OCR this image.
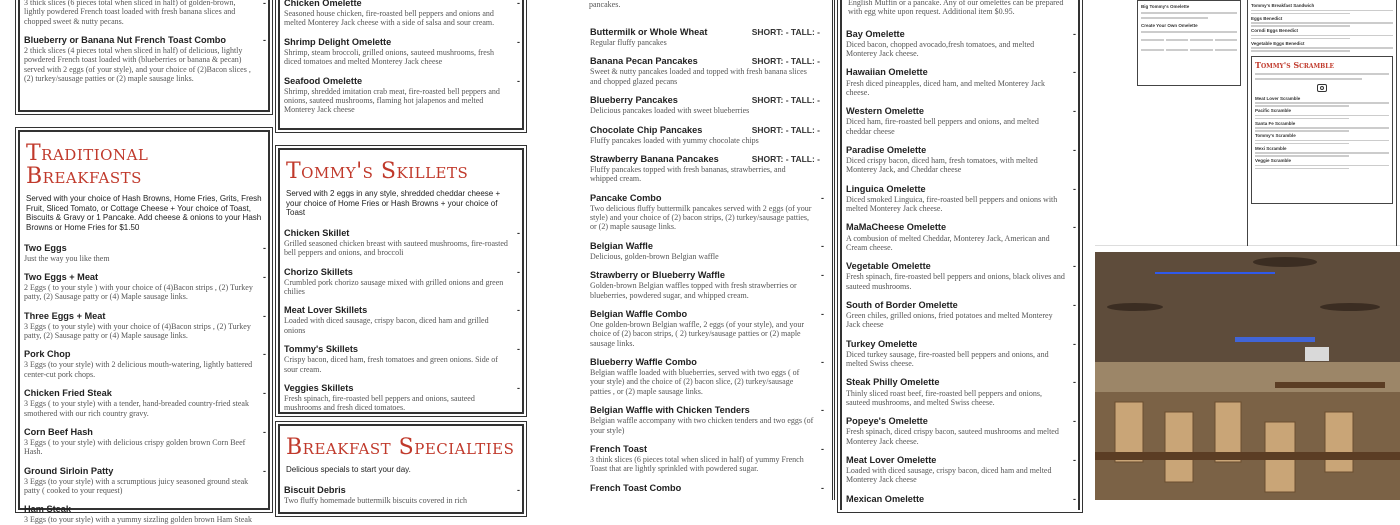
3 thick slices (6 pieces total when sliced in half) of golden-brown, lightly powdered French toast loaded with fresh banana slices and chopped sweet & nutty pecans.
-
Blueberry or Banana Nut French Toast Combo
2 thick slices (4 pieces total when sliced in half) of delicious, lightly powdered French toast loaded with (blueberries or banana & pecan) served with 2 eggs (of your style), and your choice of (2)Bacon slices , (2) turkey/sausage patties or (2) maple sausage links.
-
Traditional Breakfasts
Served with your choice of Hash Browns, Home Fries, Grits, Fresh Fruit, Sliced Tomato, or Cottage Cheese + Your choice of Toast, Biscuits & Gravy or 1 Pancake. Add cheese & onions to your Hash Browns or Home Fries for $1.50
Two Eggs
Just the way you like them
-
Two Eggs + Meat
2 Eggs ( to your style ) with your choice of (4)Bacon strips , (2) Turkey patty, (2) Sausage patty or (4) Maple sausage links.
-
Three Eggs + Meat
3 Eggs ( to your style) with your choice of (4)Bacon strips , (2) Turkey patty, (2) Sausage patty or (4) Maple sausage links.
-
Pork Chop
3 Eggs (to your style) with 2 delicious mouth-watering, lightly battered center-cut pork chops.
-
Chicken Fried Steak
3 Eggs ( to your style) with a tender, hand-breaded country-fried steak smothered with our rich country gravy.
-
Corn Beef Hash
3 Eggs ( to your style) with delicious crispy golden brown Corn Beef Hash.
-
Ground Sirloin Patty
3 Eggs (to your style) with a scrumptious juicy seasoned ground steak patty ( cooked to your request)
-
Ham Steak
3 Eggs (to your style) with a yummy sizzling golden brown Ham Steak
-
Chicken Omelette
Seasoned house chicken, fire-roasted bell peppers and onions and melted Monterey Jack cheese with a side of salsa and sour cream.
-
Shrimp Delight Omelette
Shrimp, steam broccoli, grilled onions, sauteed mushrooms, fresh diced tomatoes and melted Monterey Jack cheese
-
Seafood Omelette
Shrimp, shredded imitation crab meat, fire-roasted bell peppers and onions, sauteed mushrooms, flaming hot jalapenos and melted Monterey Jack cheese
-
Tommy's Skillets
Served with 2 eggs in any style, shredded cheddar cheese + your choice of Home Fries or Hash Browns + your choice of Toast
Chicken Skillet
Grilled seasoned chicken breast with sauteed mushrooms, fire-roasted bell peppers and onions, and broccoli
-
Chorizo Skillets
Crumbled pork chorizo sausage mixed with grilled onions and green chilies
-
Meat Lover Skillets
Loaded with diced sausage, crispy bacon, diced ham and grilled onions
-
Tommy's Skillets
Crispy bacon, diced ham, fresh tomatoes and green onions. Side of sour cream.
-
Veggies Skillets
Fresh spinach, fire-roasted bell peppers and onions, sauteed mushrooms and fresh diced tomatoes.
-
Breakfast Specialties
Delicious specials to start your day.
Biscuit Debris
Two fluffy homemade buttermilk biscuits covered in rich
-
pancakes.
Buttermilk or Whole Wheat
Regular fluffy pancakes
SHORT: - TALL: -
Banana Pecan Pancakes
Sweet & nutty pancakes loaded and topped with fresh banana slices and chopped glazed pecans
SHORT: - TALL: -
Blueberry Pancakes
Delicious pancakes loaded with sweet blueberries
SHORT: - TALL: -
Chocolate Chip Pancakes
Fluffy pancakes loaded with yummy chocolate chips
SHORT: - TALL: -
Strawberry Banana Pancakes
Fluffy pancakes topped with fresh bananas, strawberries, and whipped cream.
SHORT: - TALL: -
Pancake Combo
Two delicious fluffy buttermilk pancakes served with 2 eggs (of your style) and your choice of (2) bacon strips, (2) turkey/sausage patties, or (2) maple sausage links.
-
Belgian Waffle
Delicious, golden-brown Belgian waffle
-
Strawberry or Blueberry Waffle
Golden-brown Belgian waffles topped with fresh strawberries or blueberries, powdered sugar, and whipped cream.
-
Belgian Waffle Combo
One golden-brown Belgian waffle, 2 eggs (of your style), and your choice of (2) bacon strips, ( 2) turkey/sausage patties or (2) maple sausage links.
-
Blueberry Waffle Combo
Belgian waffle loaded with blueberries, served with two eggs ( of your style) and the choice of (2) bacon slice, (2) turkey/sausage patties , or (2) maple sausage links.
-
Belgian Waffle with Chicken Tenders
Belgian waffle accompany with two chicken tenders and two eggs (of your style)
-
French Toast
3 think slices (6 pieces total when sliced in half) of yummy French Toast that are lightly sprinkled with powdered sugar.
-
French Toast Combo	-
English Muffin or a pancake. Any of our omelettes can be prepared with egg white upon request. Additional item $0.95.
Bay Omelette
Diced bacon, chopped avocado,fresh tomatoes, and melted Monterey Jack cheese.
-
Hawaiian Omelette
Fresh diced pineapples, diced ham, and melted Monterey Jack cheese.
-
Western Omelette
Diced ham, fire-roasted bell peppers and onions, and melted cheddar cheese
-
Paradise Omelette
Diced crispy bacon, diced ham, fresh tomatoes, with melted Monterey Jack, and Cheddar cheese
-
Linguica Omelette
Diced smoked Linguica, fire-roasted bell peppers and onions with melted Monterey Jack cheese.
-
MaMaCheese Omelette
A combusion of melted Cheddar, Monterey Jack, American and Cream cheese.
-
Vegetable Omelette
Fresh spinach, fire-roasted bell peppers and onions, black olives and sauteed mushrooms.
-
South of Border Omelette
Green chiles, grilled onions, fried potatoes and melted Monterey Jack cheese
-
Turkey Omelette
Diced turkey sausage, fire-roasted bell peppers and onions, and melted Swiss cheese.
-
Steak Philly Omelette
Thinly sliced roast beef, fire-roasted bell peppers and onions, sauteed mushrooms, and melted Swiss cheese.
-
Popeye's Omelette
Fresh spinach, diced crispy bacon, sauteed mushrooms and melted Monterey Jack cheese.
-
Meat Lover Omelette
Loaded with diced sausage, crispy bacon, diced ham and melted Monterey Jack cheese
-
Mexican Omelette	-
Big Tommy's Omelette
Create Your Own Omelette
Tommy's Breakfast Sandwich
Eggs Benedict
Corndi Eggs Benedict
Vegetable Eggs Benedict
Tommy's Scramble
Meat Lover Scramble
Pacific Scramble
Santa Fe Scramble
Tommy's Scramble
Mexi Scramble
Veggie Scramble
